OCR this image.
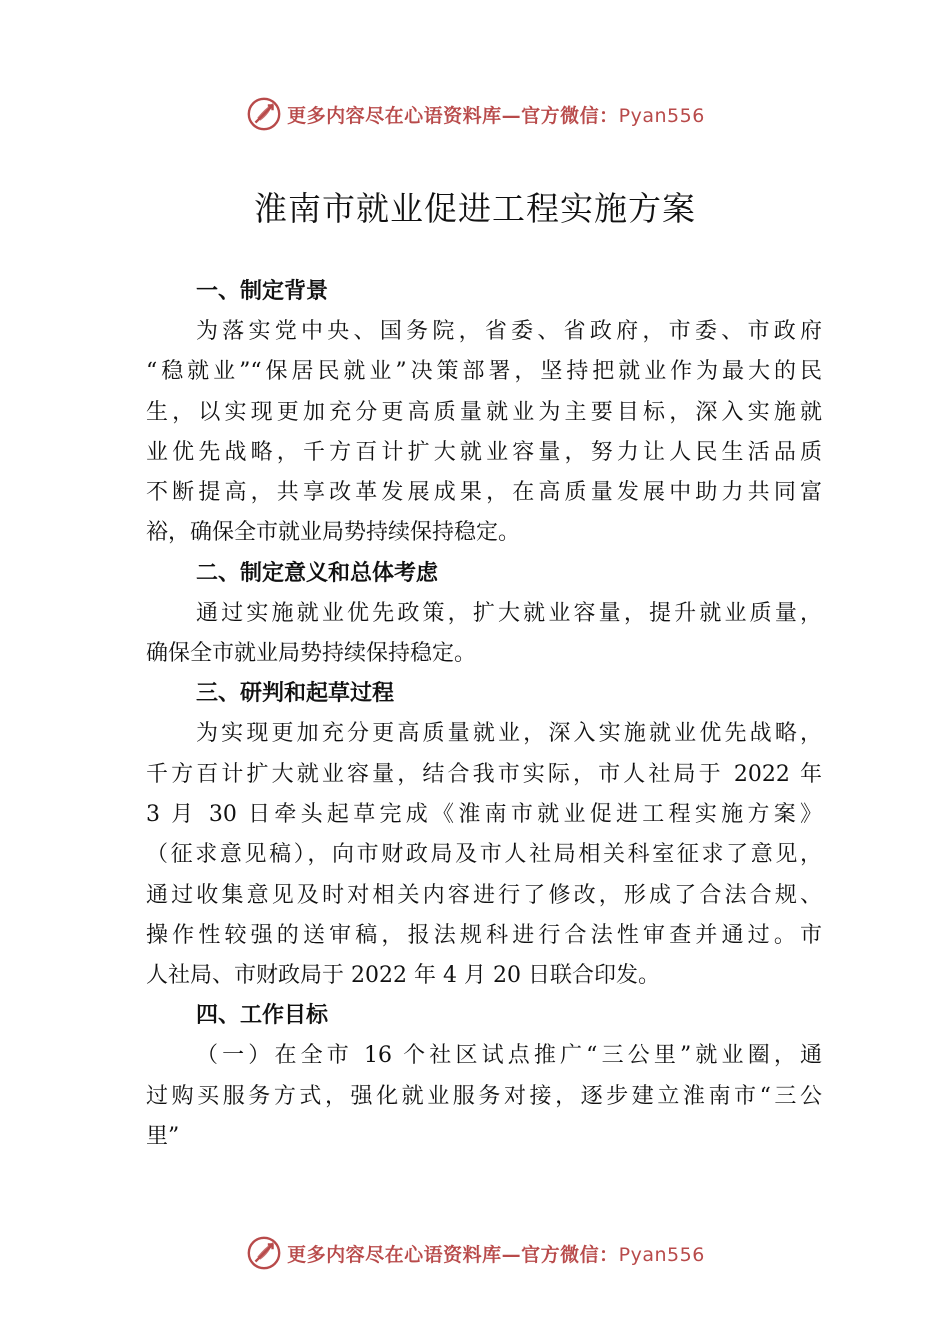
更多内容尽在心语资料库—官方微信：Pyan556
淮南市就业促进工程实施方案
一、制定背景
为落实党中央、国务院，省委、省政府，市委、市政府
“稳就业”“保居民就业”决策部署，坚持把就业作为最大的民
生，以实现更加充分更高质量就业为主要目标，深入实施就
业优先战略，千方百计扩大就业容量，努力让人民生活品质
不断提高，共享改革发展成果，在高质量发展中助力共同富
裕，确保全市就业局势持续保持稳定。
二、制定意义和总体考虑
通过实施就业优先政策，扩大就业容量，提升就业质量，
确保全市就业局势持续保持稳定。
三、研判和起草过程
为实现更加充分更高质量就业，深入实施就业优先战略，
千方百计扩大就业容量，结合我市实际，市人社局于 2022 年
3 月 30 日牵头起草完成《淮南市就业促进工程实施方案》
（征求意见稿），向市财政局及市人社局相关科室征求了意见，
通过收集意见及时对相关内容进行了修改，形成了合法合规、
操作性较强的送审稿，报法规科进行合法性审查并通过。市
人社局、市财政局于 2022 年 4 月 20 日联合印发。
四、工作目标
（一）在全市 16 个社区试点推广“三公里”就业圈，通
过购买服务方式，强化就业服务对接，逐步建立淮南市“三公
里”
更多内容尽在心语资料库—官方微信：Pyan556
